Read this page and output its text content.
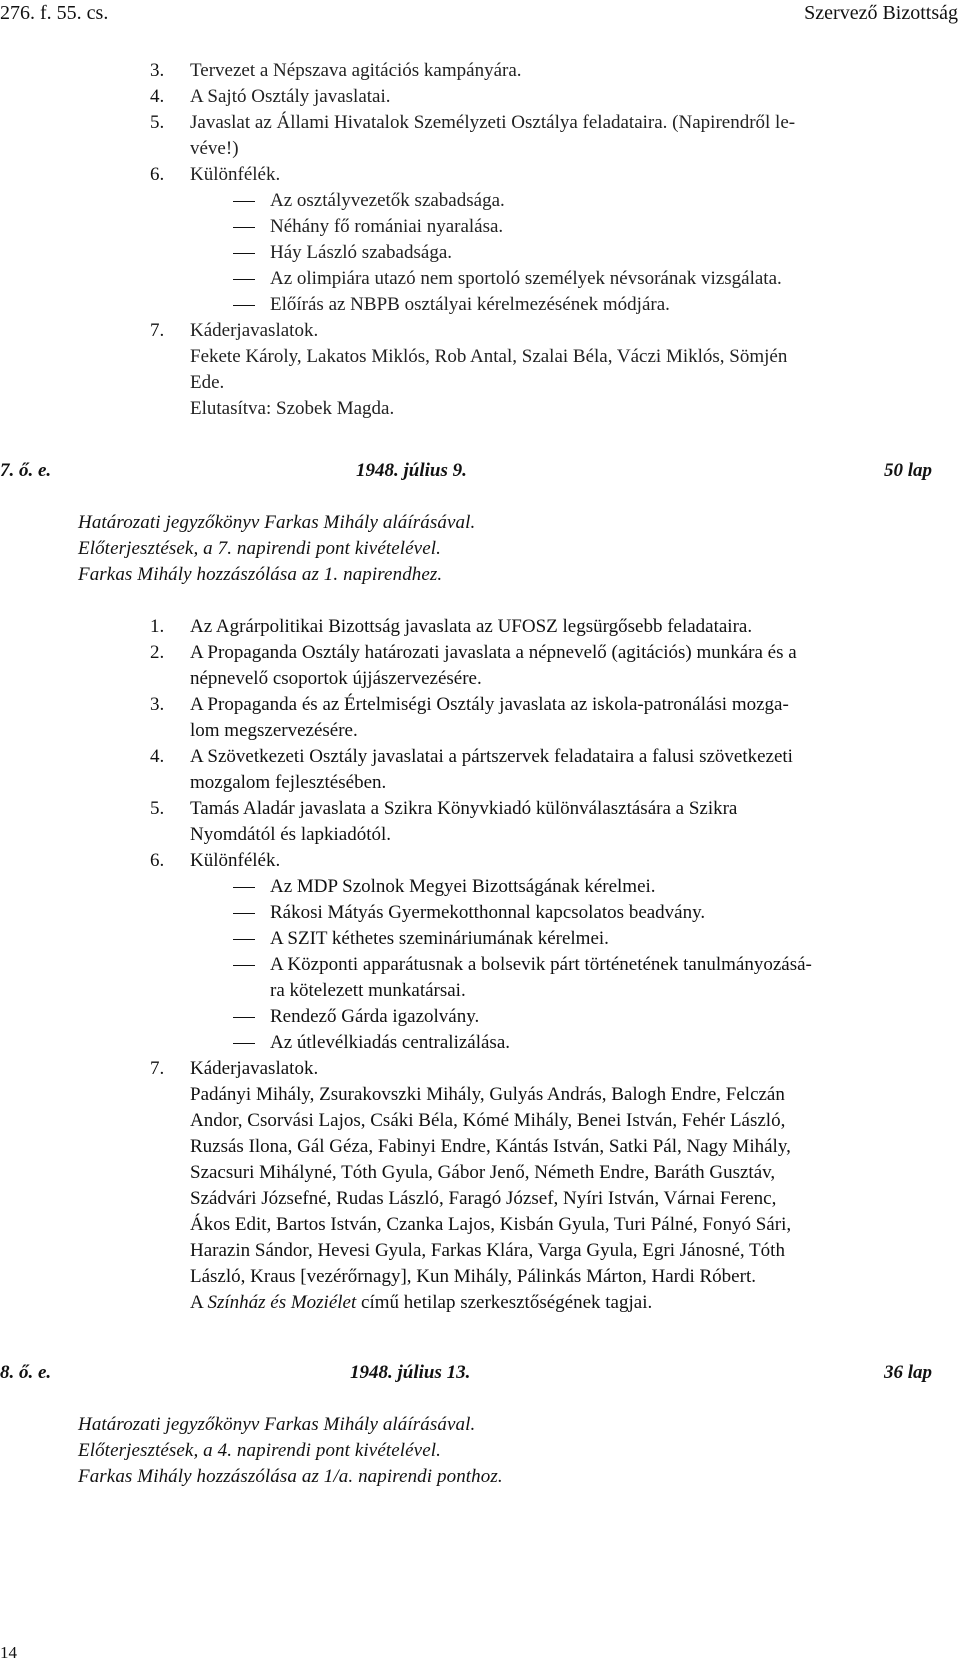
276. f. 55. cs.	Szervező Bizottság
3. Tervezet a Népszava agitációs kampányára.
4. A Sajtó Osztály javaslatai.
5. Javaslat az Állami Hivatalok Személyzeti Osztálya feladataira. (Napirendről le-
véve!)
6. Különfélék.
Az osztályvezetők szabadsága.
Néhány fő romániai nyaralása.
Háy László szabadsága.
Az olimpiára utazó nem sportoló személyek névsorának vizsgálata.
Előírás az NBPB osztályai kérelmezésének módjára.
7. Káderjavaslatok.
Fekete Károly, Lakatos Miklós, Rob Antal, Szalai Béla, Váczi Miklós, Sömjén
Ede.
Elutasítva: Szobek Magda.
7. ő. e.	1948. július 9.	50 lap
Határozati jegyzőkönyv Farkas Mihály aláírásával.
Előterjesztések, a 7. napirendi pont kivételével.
Farkas Mihály hozzászólása az 1. napirendhez.
1. Az Agrárpolitikai Bizottság javaslata az UFOSZ legsürgősebb feladataira.
2. A Propaganda Osztály határozati javaslata a népnevelő (agitációs) munkára és a
népnevelő csoportok újjászervezésére.
3. A Propaganda és az Értelmiségi Osztály javaslata az iskola-patronálási mozga-
lom megszervezésére.
4. A Szövetkezeti Osztály javaslatai a pártszervek feladataira a falusi szövetkezeti
mozgalom fejlesztésében.
5. Tamás Aladár javaslata a Szikra Könyvkiadó különválasztására a Szikra
Nyomdától és lapkiadótól.
6. Különfélék.
Az MDP Szolnok Megyei Bizottságának kérelmei.
Rákosi Mátyás Gyermekotthonnal kapcsolatos beadvány.
A SZIT kéthetes szemináriumának kérelmei.
A Központi apparátusnak a bolsevik párt történetének tanulmányozásá-
ra kötelezett munkatársai.
Rendező Gárda igazolvány.
Az útlevélkiadás centralizálása.
7. Káderjavaslatok.
Padányi Mihály, Zsurakovszki Mihály, Gulyás András, Balogh Endre, Felczán
Andor, Csorvási Lajos, Csáki Béla, Kómé Mihály, Benei István, Fehér László,
Ruzsás Ilona, Gál Géza, Fabinyi Endre, Kántás István, Satki Pál, Nagy Mihály,
Szacsuri Mihályné, Tóth Gyula, Gábor Jenő, Németh Endre, Baráth Gusztáv,
Szádvári Józsefné, Rudas László, Faragó József, Nyíri István, Várnai Ferenc,
Ákos Edit, Bartos István, Czanka Lajos, Kisbán Gyula, Turi Pálné, Fonyó Sári,
Harazin Sándor, Hevesi Gyula, Farkas Klára, Varga Gyula, Egri Jánosné, Tóth
László, Kraus [vezérőrnagy], Kun Mihály, Pálinkás Márton, Hardi Róbert.
A Színház és Moziélet című hetilap szerkesztőségének tagjai.
8. ő. e.	1948. július 13.	36 lap
Határozati jegyzőkönyv Farkas Mihály aláírásával.
Előterjesztések, a 4. napirendi pont kivételével.
Farkas Mihály hozzászólása az 1/a. napirendi ponthoz.
14
